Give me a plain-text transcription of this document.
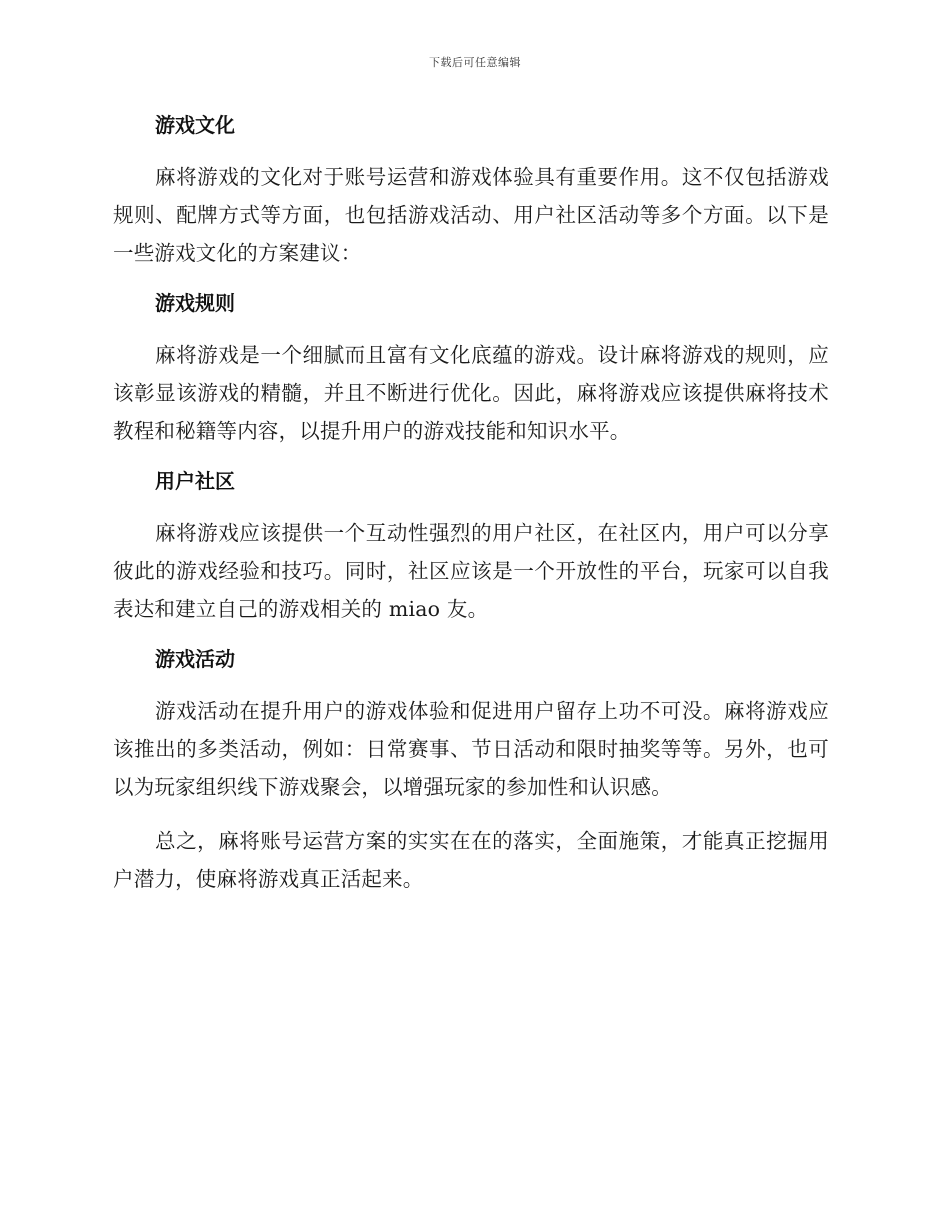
下载后可任意编辑
游戏文化

麻将游戏的文化对于账号运营和游戏体验具有重要作用。这不仅包括游戏规则、配牌方式等方面，也包括游戏活动、用户社区活动等多个方面。以下是一些游戏文化的方案建议：

游戏规则

麻将游戏是一个细腻而且富有文化底蕴的游戏。设计麻将游戏的规则，应该彰显该游戏的精髓，并且不断进行优化。因此，麻将游戏应该提供麻将技术教程和秘籍等内容，以提升用户的游戏技能和知识水平。

用户社区

麻将游戏应该提供一个互动性强烈的用户社区，在社区内，用户可以分享彼此的游戏经验和技巧。同时，社区应该是一个开放性的平台，玩家可以自我表达和建立自己的游戏相关的 miao 友。

游戏活动

游戏活动在提升用户的游戏体验和促进用户留存上功不可没。麻将游戏应该推出的多类活动，例如：日常赛事、节日活动和限时抽奖等等。另外，也可以为玩家组织线下游戏聚会，以增强玩家的参加性和认识感。

总之，麻将账号运营方案的实实在在的落实，全面施策，才能真正挖掘用户潜力，使麻将游戏真正活起来。
